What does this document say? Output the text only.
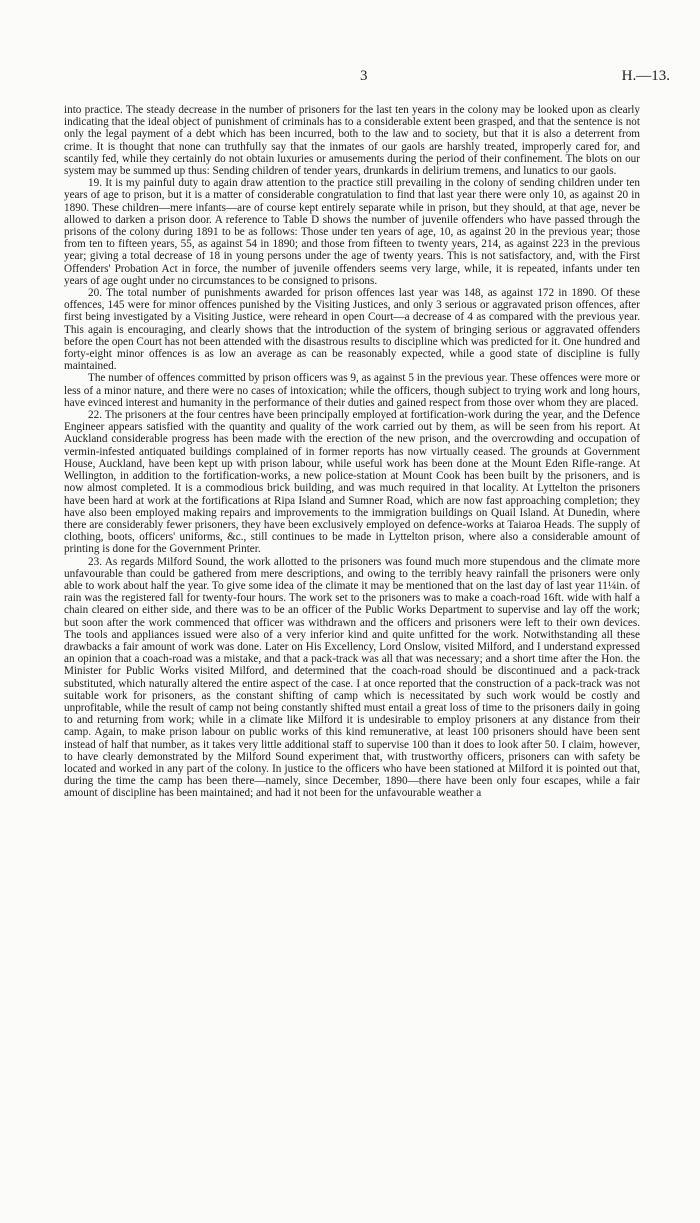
3	H.—13.

into practice. The steady decrease in the number of prisoners for the last ten years in the colony may be looked upon as clearly indicating that the ideal object of punishment of criminals has to a considerable extent been grasped, and that the sentence is not only the legal payment of a debt which has been incurred, both to the law and to society, but that it is also a deterrent from crime. It is thought that none can truthfully say that the inmates of our gaols are harshly treated, improperly cared for, and scantily fed, while they certainly do not obtain luxuries or amusements during the period of their confinement. The blots on our system may be summed up thus: Sending children of tender years, drunkards in delirium tremens, and lunatics to our gaols.

19. It is my painful duty to again draw attention to the practice still prevailing in the colony of sending children under ten years of age to prison, but it is a matter of considerable congratulation to find that last year there were only 10, as against 20 in 1890. These children—mere infants—are of course kept entirely separate while in prison, but they should, at that age, never be allowed to darken a prison door. A reference to Table D shows the number of juvenile offenders who have passed through the prisons of the colony during 1891 to be as follows: Those under ten years of age, 10, as against 20 in the previous year; those from ten to fifteen years, 55, as against 54 in 1890; and those from fifteen to twenty years, 214, as against 223 in the previous year; giving a total decrease of 18 in young persons under the age of twenty years. This is not satisfactory, and, with the First Offenders' Probation Act in force, the number of juvenile offenders seems very large, while, it is repeated, infants under ten years of age ought under no circumstances to be consigned to prisons.

20. The total number of punishments awarded for prison offences last year was 148, as against 172 in 1890. Of these offences, 145 were for minor offences punished by the Visiting Justices, and only 3 serious or aggravated prison offences, after first being investigated by a Visiting Justice, were reheard in open Court—a decrease of 4 as compared with the previous year. This again is encouraging, and clearly shows that the introduction of the system of bringing serious or aggravated offenders before the open Court has not been attended with the disastrous results to discipline which was predicted for it. One hundred and forty-eight minor offences is as low an average as can be reasonably expected, while a good state of discipline is fully maintained.

The number of offences committed by prison officers was 9, as against 5 in the previous year. These offences were more or less of a minor nature, and there were no cases of intoxication; while the officers, though subject to trying work and long hours, have evinced interest and humanity in the performance of their duties and gained respect from those over whom they are placed.

22. The prisoners at the four centres have been principally employed at fortification-work during the year, and the Defence Engineer appears satisfied with the quantity and quality of the work carried out by them, as will be seen from his report. At Auckland considerable progress has been made with the erection of the new prison, and the overcrowding and occupation of vermin-infested antiquated buildings complained of in former reports has now virtually ceased. The grounds at Government House, Auckland, have been kept up with prison labour, while useful work has been done at the Mount Eden Rifle-range. At Wellington, in addition to the fortification-works, a new police-station at Mount Cook has been built by the prisoners, and is now almost completed. It is a commodious brick building, and was much required in that locality. At Lyttelton the prisoners have been hard at work at the fortifications at Ripa Island and Sumner Road, which are now fast approaching completion; they have also been employed making repairs and improvements to the immigration buildings on Quail Island. At Dunedin, where there are considerably fewer prisoners, they have been exclusively employed on defence-works at Taiaroa Heads. The supply of clothing, boots, officers' uniforms, &c., still continues to be made in Lyttelton prison, where also a considerable amount of printing is done for the Government Printer.

23. As regards Milford Sound, the work allotted to the prisoners was found much more stupendous and the climate more unfavourable than could be gathered from mere descriptions, and owing to the terribly heavy rainfall the prisoners were only able to work about half the year. To give some idea of the climate it may be mentioned that on the last day of last year 11¼in. of rain was the registered fall for twenty-four hours. The work set to the prisoners was to make a coach-road 16ft. wide with half a chain cleared on either side, and there was to be an officer of the Public Works Department to supervise and lay off the work; but soon after the work commenced that officer was withdrawn and the officers and prisoners were left to their own devices. The tools and appliances issued were also of a very inferior kind and quite unfitted for the work. Notwithstanding all these drawbacks a fair amount of work was done. Later on His Excellency, Lord Onslow, visited Milford, and I understand expressed an opinion that a coach-road was a mistake, and that a pack-track was all that was necessary; and a short time after the Hon. the Minister for Public Works visited Milford, and determined that the coach-road should be discontinued and a pack-track substituted, which naturally altered the entire aspect of the case. I at once reported that the construction of a pack-track was not suitable work for prisoners, as the constant shifting of camp which is necessitated by such work would be costly and unprofitable, while the result of camp not being constantly shifted must entail a great loss of time to the prisoners daily in going to and returning from work; while in a climate like Milford it is undesirable to employ prisoners at any distance from their camp. Again, to make prison labour on public works of this kind remunerative, at least 100 prisoners should have been sent instead of half that number, as it takes very little additional staff to supervise 100 than it does to look after 50. I claim, however, to have clearly demonstrated by the Milford Sound experiment that, with trustworthy officers, prisoners can with safety be located and worked in any part of the colony. In justice to the officers who have been stationed at Milford it is pointed out that, during the time the camp has been there—namely, since December, 1890—there have been only four escapes, while a fair amount of discipline has been maintained; and had it not been for the unfavourable weather a
